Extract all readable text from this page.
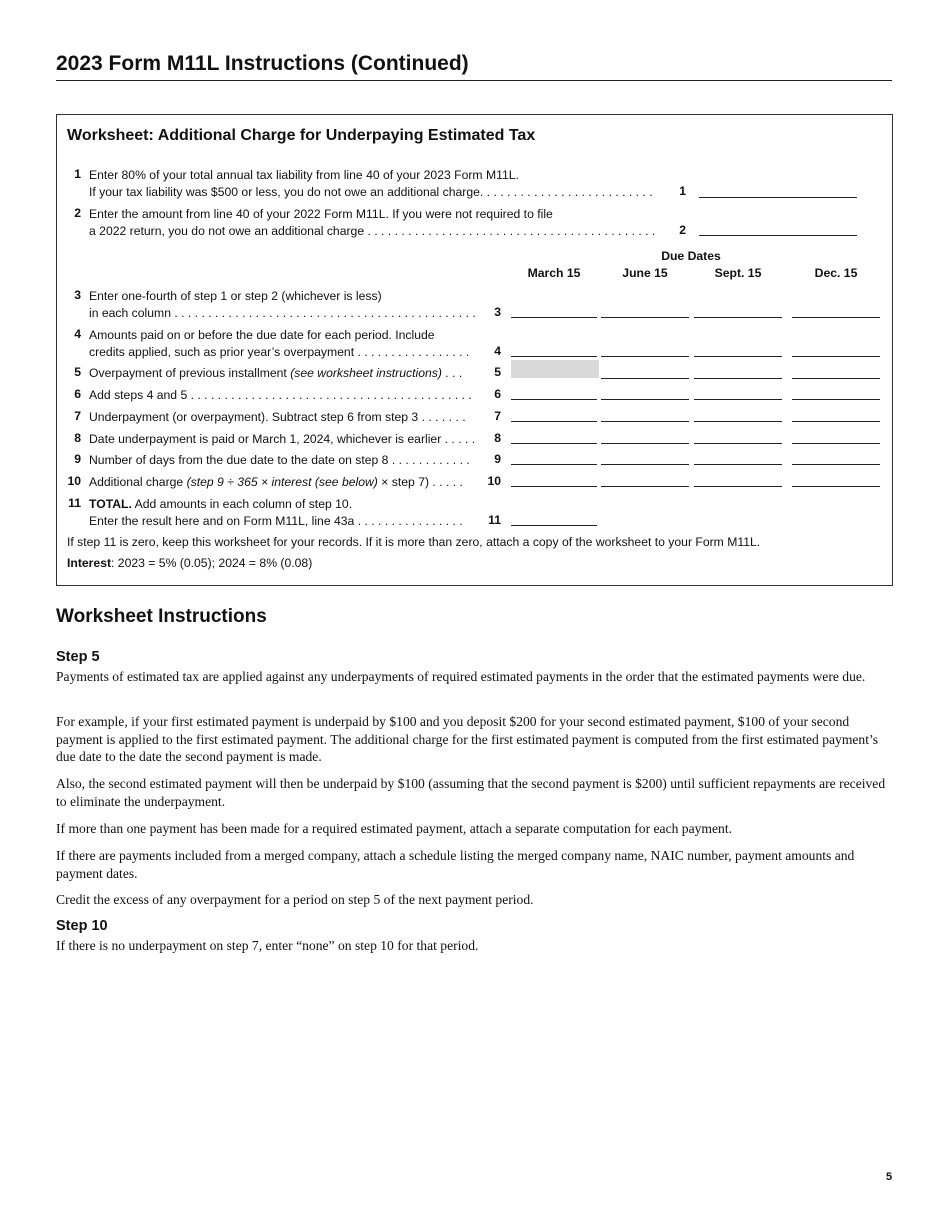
2023 Form M11L Instructions (Continued)
Worksheet: Additional Charge for Underpaying Estimated Tax
1 Enter 80% of your total annual tax liability from line 40 of your 2023 Form M11L.
If your tax liability was $500 or less, you do not owe an additional charge. . . . . . . . . . . . . . . . . . . . . . . . . .	1
2 Enter the amount from line 40 of your 2022 Form M11L. If you were not required to file
a 2022 return, you do not owe an additional charge . . . . . . . . . . . . . . . . . . . . . . . . . . . . . . . . . . . . . . . . . . .	2
Due Dates
March 15	June 15	Sept. 15	Dec. 15
3 Enter one-fourth of step 1 or step 2 (whichever is less)
in each column . . . . . . . . . . . . . . . . . . . . . . . . . . . . . . . . . . . . . . . . . . . . .	3
4 Amounts paid on or before the due date for each period. Include
credits applied, such as prior year’s overpayment . . . . . . . . . . . . . . . . .	4
5 Overpayment of previous installment (see worksheet instructions) . . .	5
6 Add steps 4 and 5 . . . . . . . . . . . . . . . . . . . . . . . . . . . . . . . . . . . . . . . . . .	6
7 Underpayment (or overpayment). Subtract step 6 from step 3 . . . . . . .	7
8 Date underpayment is paid or March 1, 2024, whichever is earlier . . . . .	8
9 Number of days from the due date to the date on step 8 . . . . . . . . . . . .	9
10 Additional charge (step 9 ÷ 365 × interest (see below) × step 7) . . . . .	10
11 TOTAL. Add amounts in each column of step 10.
Enter the result here and on Form M11L, line 43a . . . . . . . . . . . . . . . .	11
If step 11 is zero, keep this worksheet for your records. If it is more than zero, attach a copy of the worksheet to your Form M11L.
Interest: 2023 = 5% (0.05); 2024 = 8% (0.08)
Worksheet Instructions
Step 5
Payments of estimated tax are applied against any underpayments of required estimated payments in the order that the estimated payments were due.
For example, if your first estimated payment is underpaid by $100 and you deposit $200 for your second estimated payment, $100 of your second payment is applied to the first estimated payment. The additional charge for the first estimated payment is computed from the first estimated payment’s due date to the date the second payment is made.
Also, the second estimated payment will then be underpaid by $100 (assuming that the second payment is $200) until sufficient repayments are received to eliminate the underpayment.
If more than one payment has been made for a required estimated payment, attach a separate computation for each payment.
If there are payments included from a merged company, attach a schedule listing the merged company name, NAIC number, payment amounts and payment dates.
Credit the excess of any overpayment for a period on step 5 of the next payment period.
Step 10
If there is no underpayment on step 7, enter “none” on step 10 for that period.
5
